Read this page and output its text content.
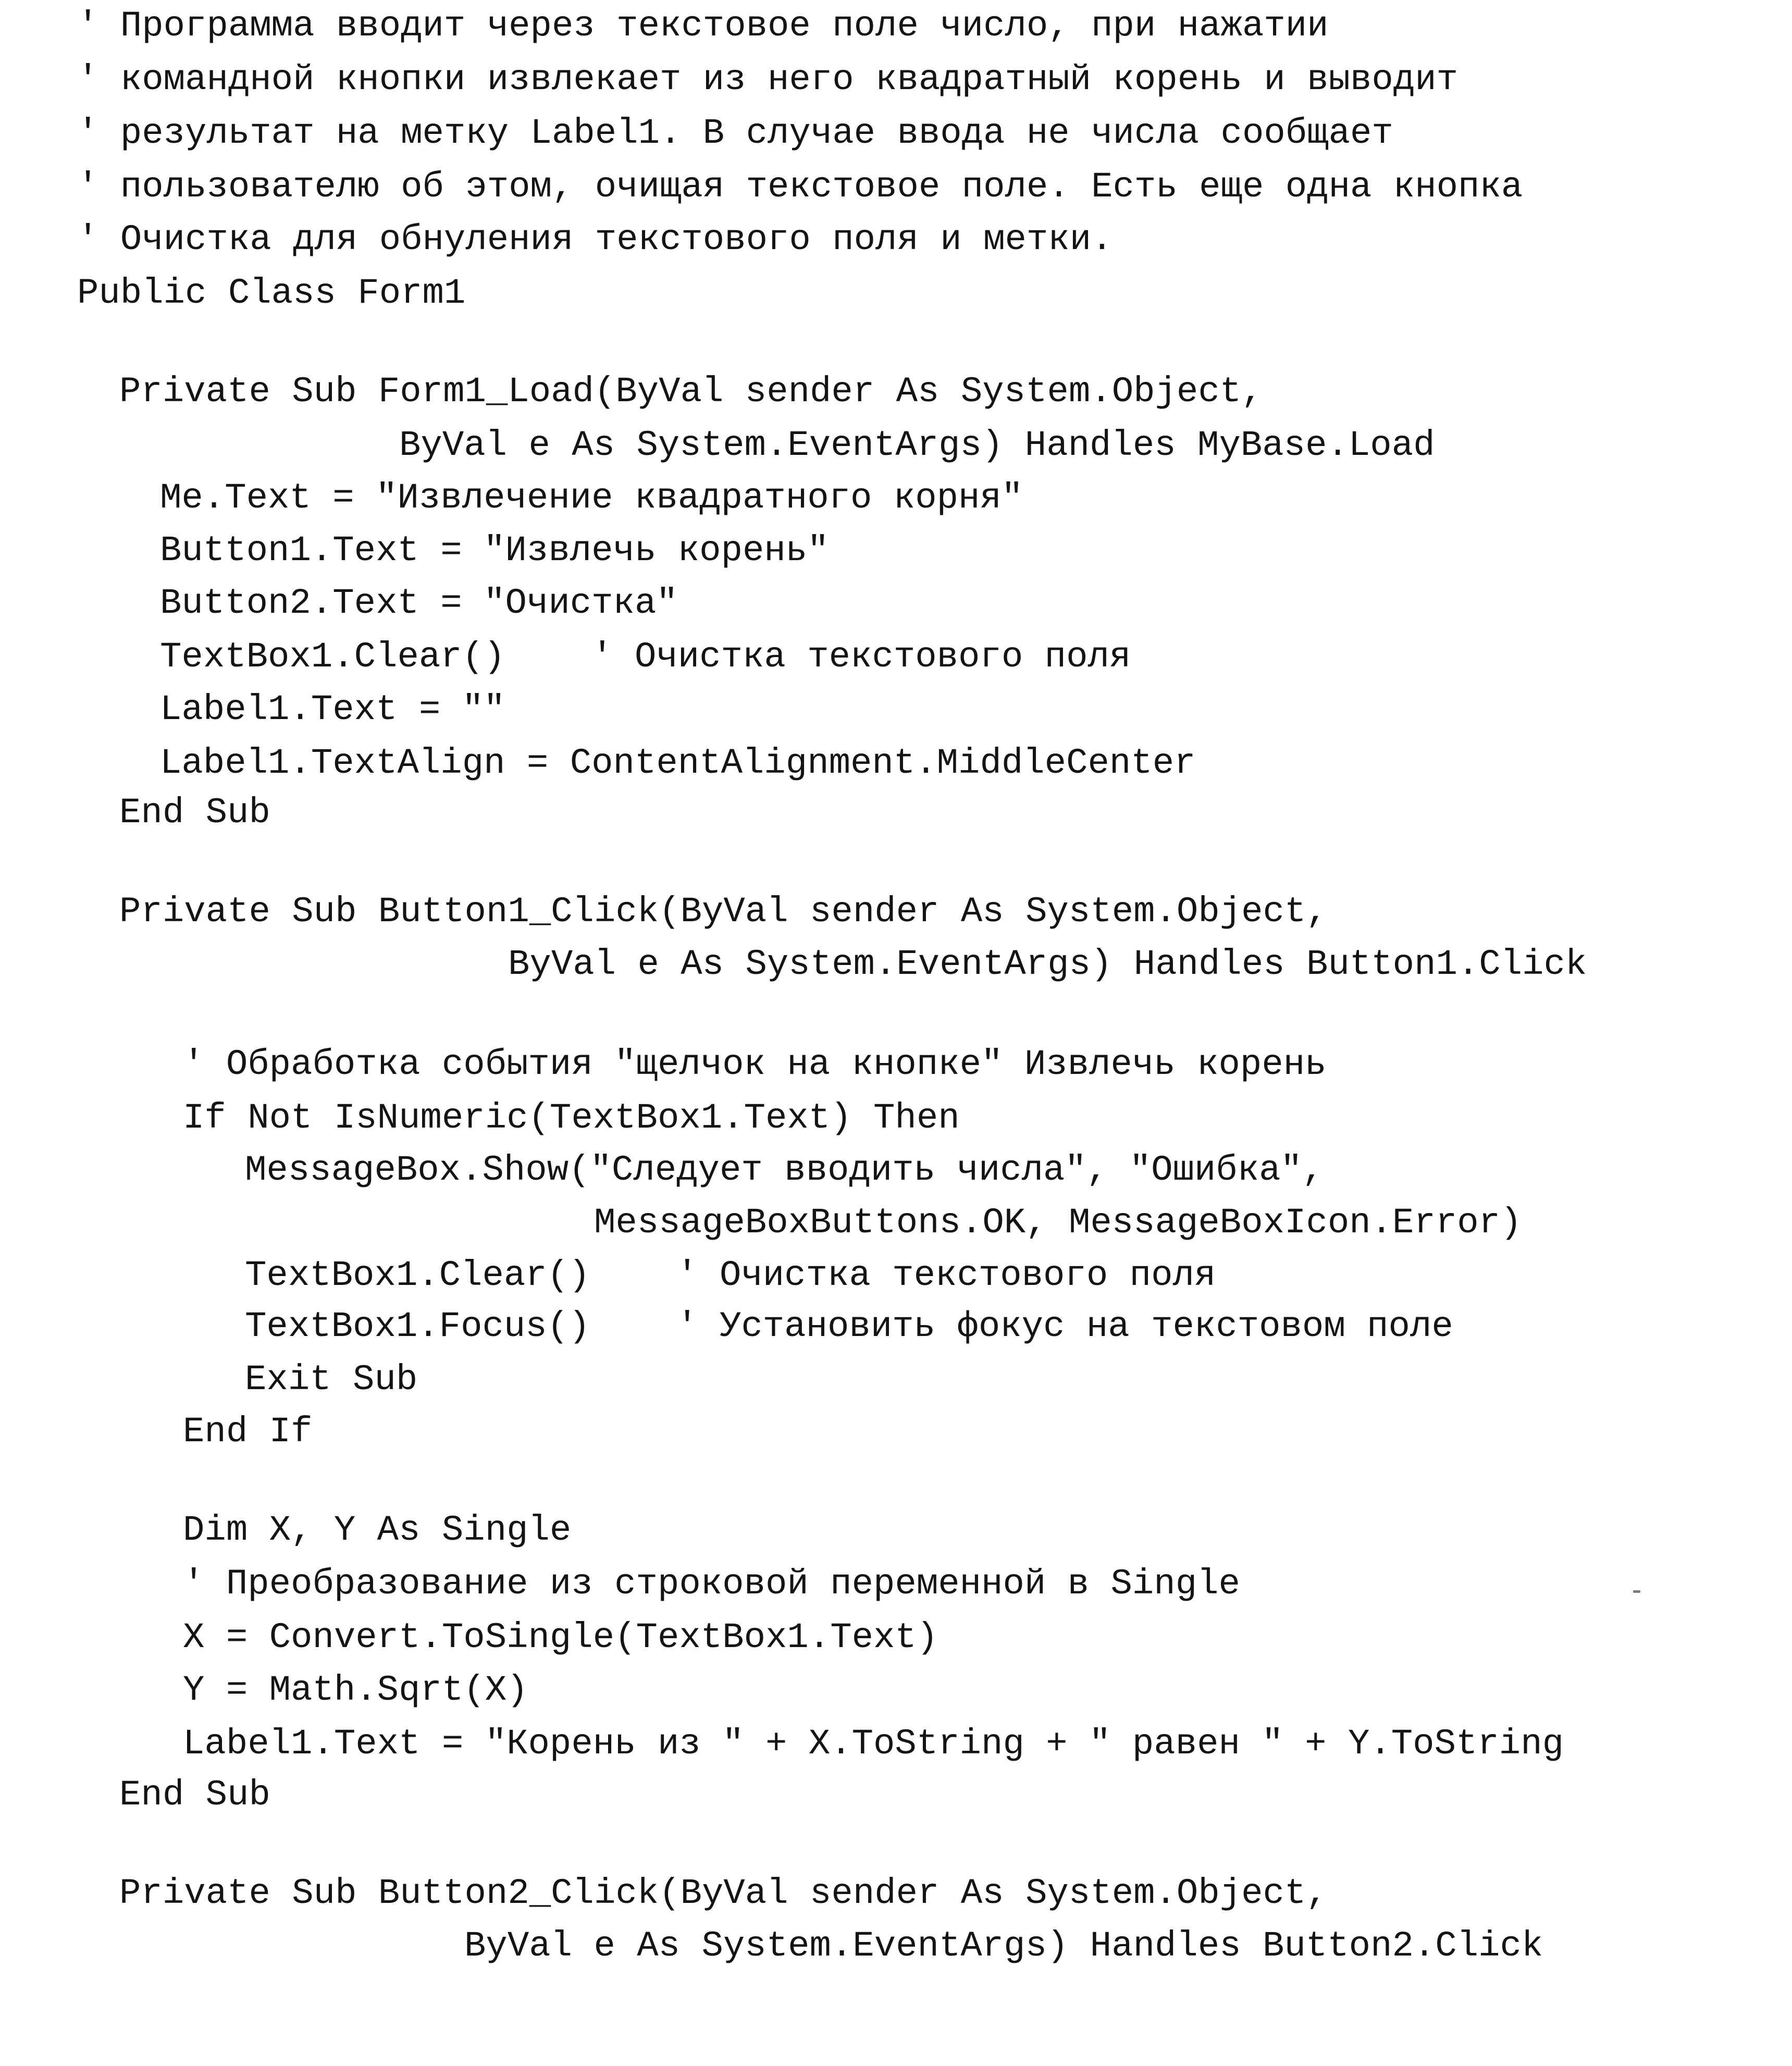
' Программа вводит через текстовое поле число, при нажатии
' командной кнопки извлекает из него квадратный корень и выводит
' результат на метку Label1. В случае ввода не числа сообщает
' пользователю об этом, очищая текстовое поле. Есть еще одна кнопка
' Очистка для обнуления текстового поля и метки.
Public Class Form1
Private Sub Form1_Load(ByVal sender As System.Object,
ByVal e As System.EventArgs) Handles MyBase.Load
Me.Text = "Извлечение квадратного корня"
Button1.Text = "Извлечь корень"
Button2.Text = "Очистка"
TextBox1.Clear()    ' Очистка текстового поля
Label1.Text = ""
Label1.TextAlign = ContentAlignment.MiddleCenter
End Sub
Private Sub Button1_Click(ByVal sender As System.Object,
ByVal e As System.EventArgs) Handles Button1.Click
' Обработка события "щелчок на кнопке" Извлечь корень
If Not IsNumeric(TextBox1.Text) Then
MessageBox.Show("Следует вводить числа", "Ошибка",
MessageBoxButtons.OK, MessageBoxIcon.Error)
TextBox1.Clear()    ' Очистка текстового поля
TextBox1.Focus()    ' Установить фокус на текстовом поле
Exit Sub
End If
Dim X, Y As Single
' Преобразование из строковой переменной в Single
X = Convert.ToSingle(TextBox1.Text)
Y = Math.Sqrt(X)
Label1.Text = "Корень из " + X.ToString + " равен " + Y.ToString
End Sub
Private Sub Button2_Click(ByVal sender As System.Object,
ByVal e As System.EventArgs) Handles Button2.Click
